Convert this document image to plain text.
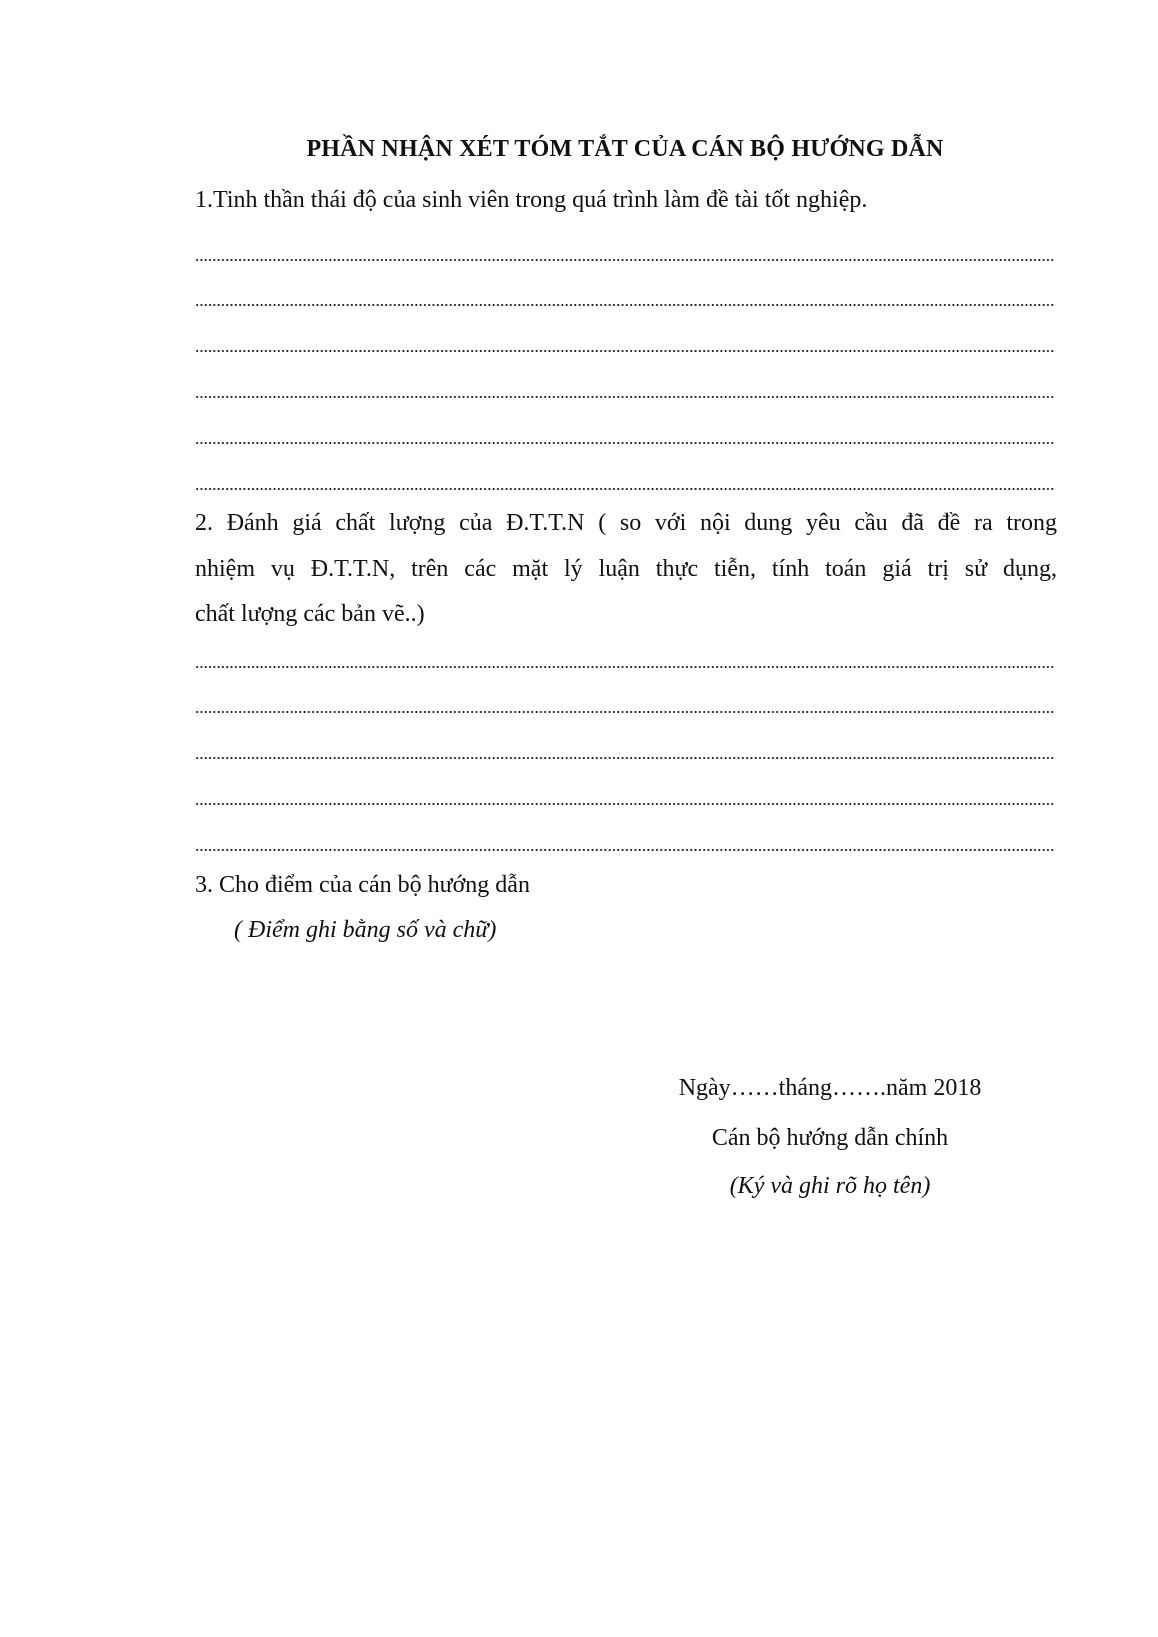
PHẦN NHẬN XÉT TÓM TẮT CỦA CÁN BỘ HƯỚNG DẪN
1.Tinh thần thái độ của sinh viên trong quá trình làm đề tài tốt nghiệp.
2. Đánh giá chất lượng của Đ.T.T.N ( so với nội dung yêu cầu đã đề ra trong
nhiệm vụ Đ.T.T.N, trên các mặt lý luận thực tiễn, tính toán giá trị sử dụng,
chất lượng các bản vẽ..)
3. Cho điểm của cán bộ hướng dẫn
( Điểm ghi bằng số và chữ)
Ngày……tháng…….năm 2018
Cán bộ hướng dẫn chính
(Ký và ghi rõ họ tên)
